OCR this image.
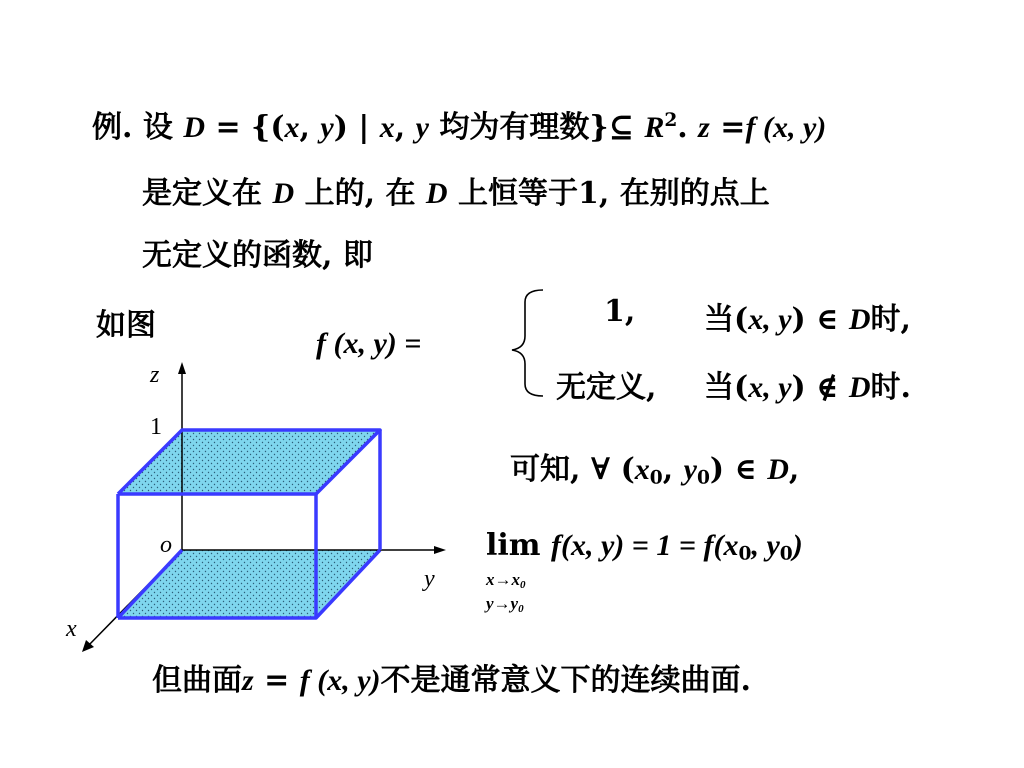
例. 设 D = {(x, y) | x, y 均为有理数}⊆ $R^2$. z =f (x, y)
是定义在 D 上的, 在 D 上恒等于1, 在别的点上
无定义的函数, 即
如图
f (x, y) =
z
1
o
y
x
1, 当(x, y) ∈ D时,
无定义, 当(x, y) ∉ D时.
可知, ∀ ($x_0$, $y_0$) ∈ D,
lim f(x, $y) = 1 = f(x_0$, $y_0$)
x→x0
y→y0
但曲面z = f (x, y)不是通常意义下的连续曲面.
